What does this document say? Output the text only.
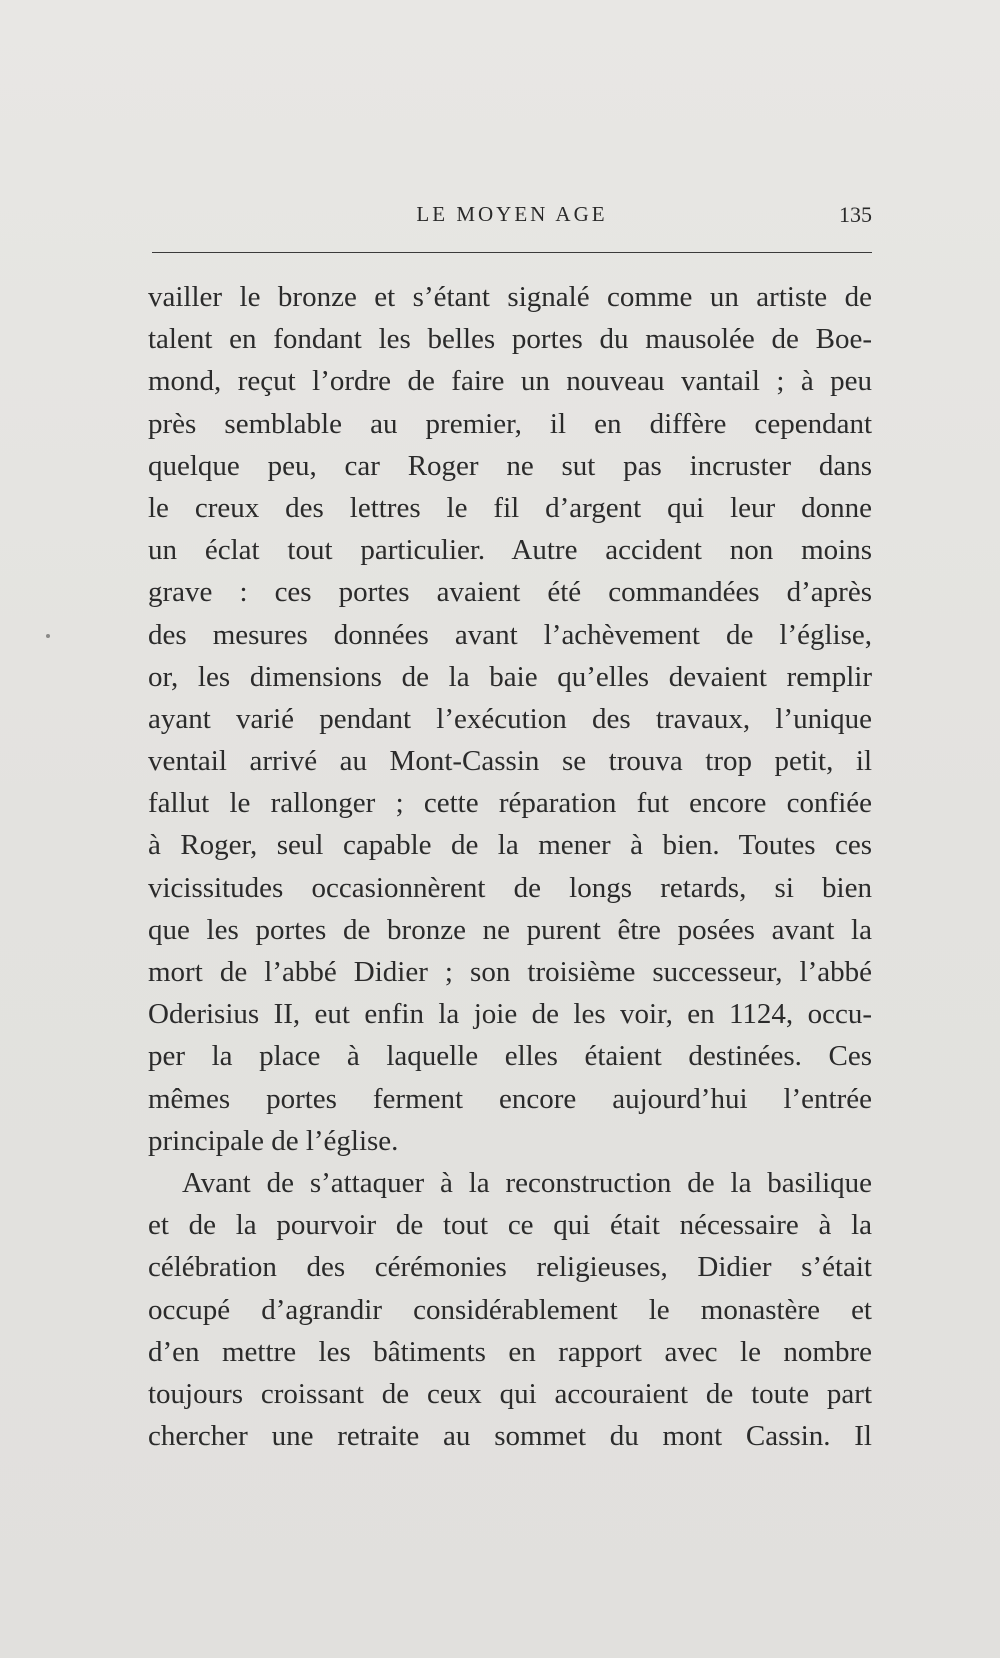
LE MOYEN AGE	135
vailler le bronze et s’étant signalé comme un artiste de
talent en fondant les belles portes du mausolée de Boe-
mond, reçut l’ordre de faire un nouveau vantail ; à peu
près semblable au premier, il en diffère cependant
quelque peu, car Roger ne sut pas incruster dans
le creux des lettres le fil d’argent qui leur donne
un éclat tout particulier. Autre accident non moins
grave : ces portes avaient été commandées d’après
des mesures données avant l’achèvement de l’église,
or, les dimensions de la baie qu’elles devaient remplir
ayant varié pendant l’exécution des travaux, l’unique
ventail arrivé au Mont-Cassin se trouva trop petit, il
fallut le rallonger ; cette réparation fut encore confiée
à Roger, seul capable de la mener à bien. Toutes ces
vicissitudes occasionnèrent de longs retards, si bien
que les portes de bronze ne purent être posées avant la
mort de l’abbé Didier ; son troisième successeur, l’abbé
Oderisius II, eut enfin la joie de les voir, en 1124, occu-
per la place à laquelle elles étaient destinées. Ces
mêmes portes ferment encore aujourd’hui l’entrée
principale de l’église.
Avant de s’attaquer à la reconstruction de la basilique
et de la pourvoir de tout ce qui était nécessaire à la
célébration des cérémonies religieuses, Didier s’était
occupé d’agrandir considérablement le monastère et
d’en mettre les bâtiments en rapport avec le nombre
toujours croissant de ceux qui accouraient de toute part
chercher une retraite au sommet du mont Cassin. Il
